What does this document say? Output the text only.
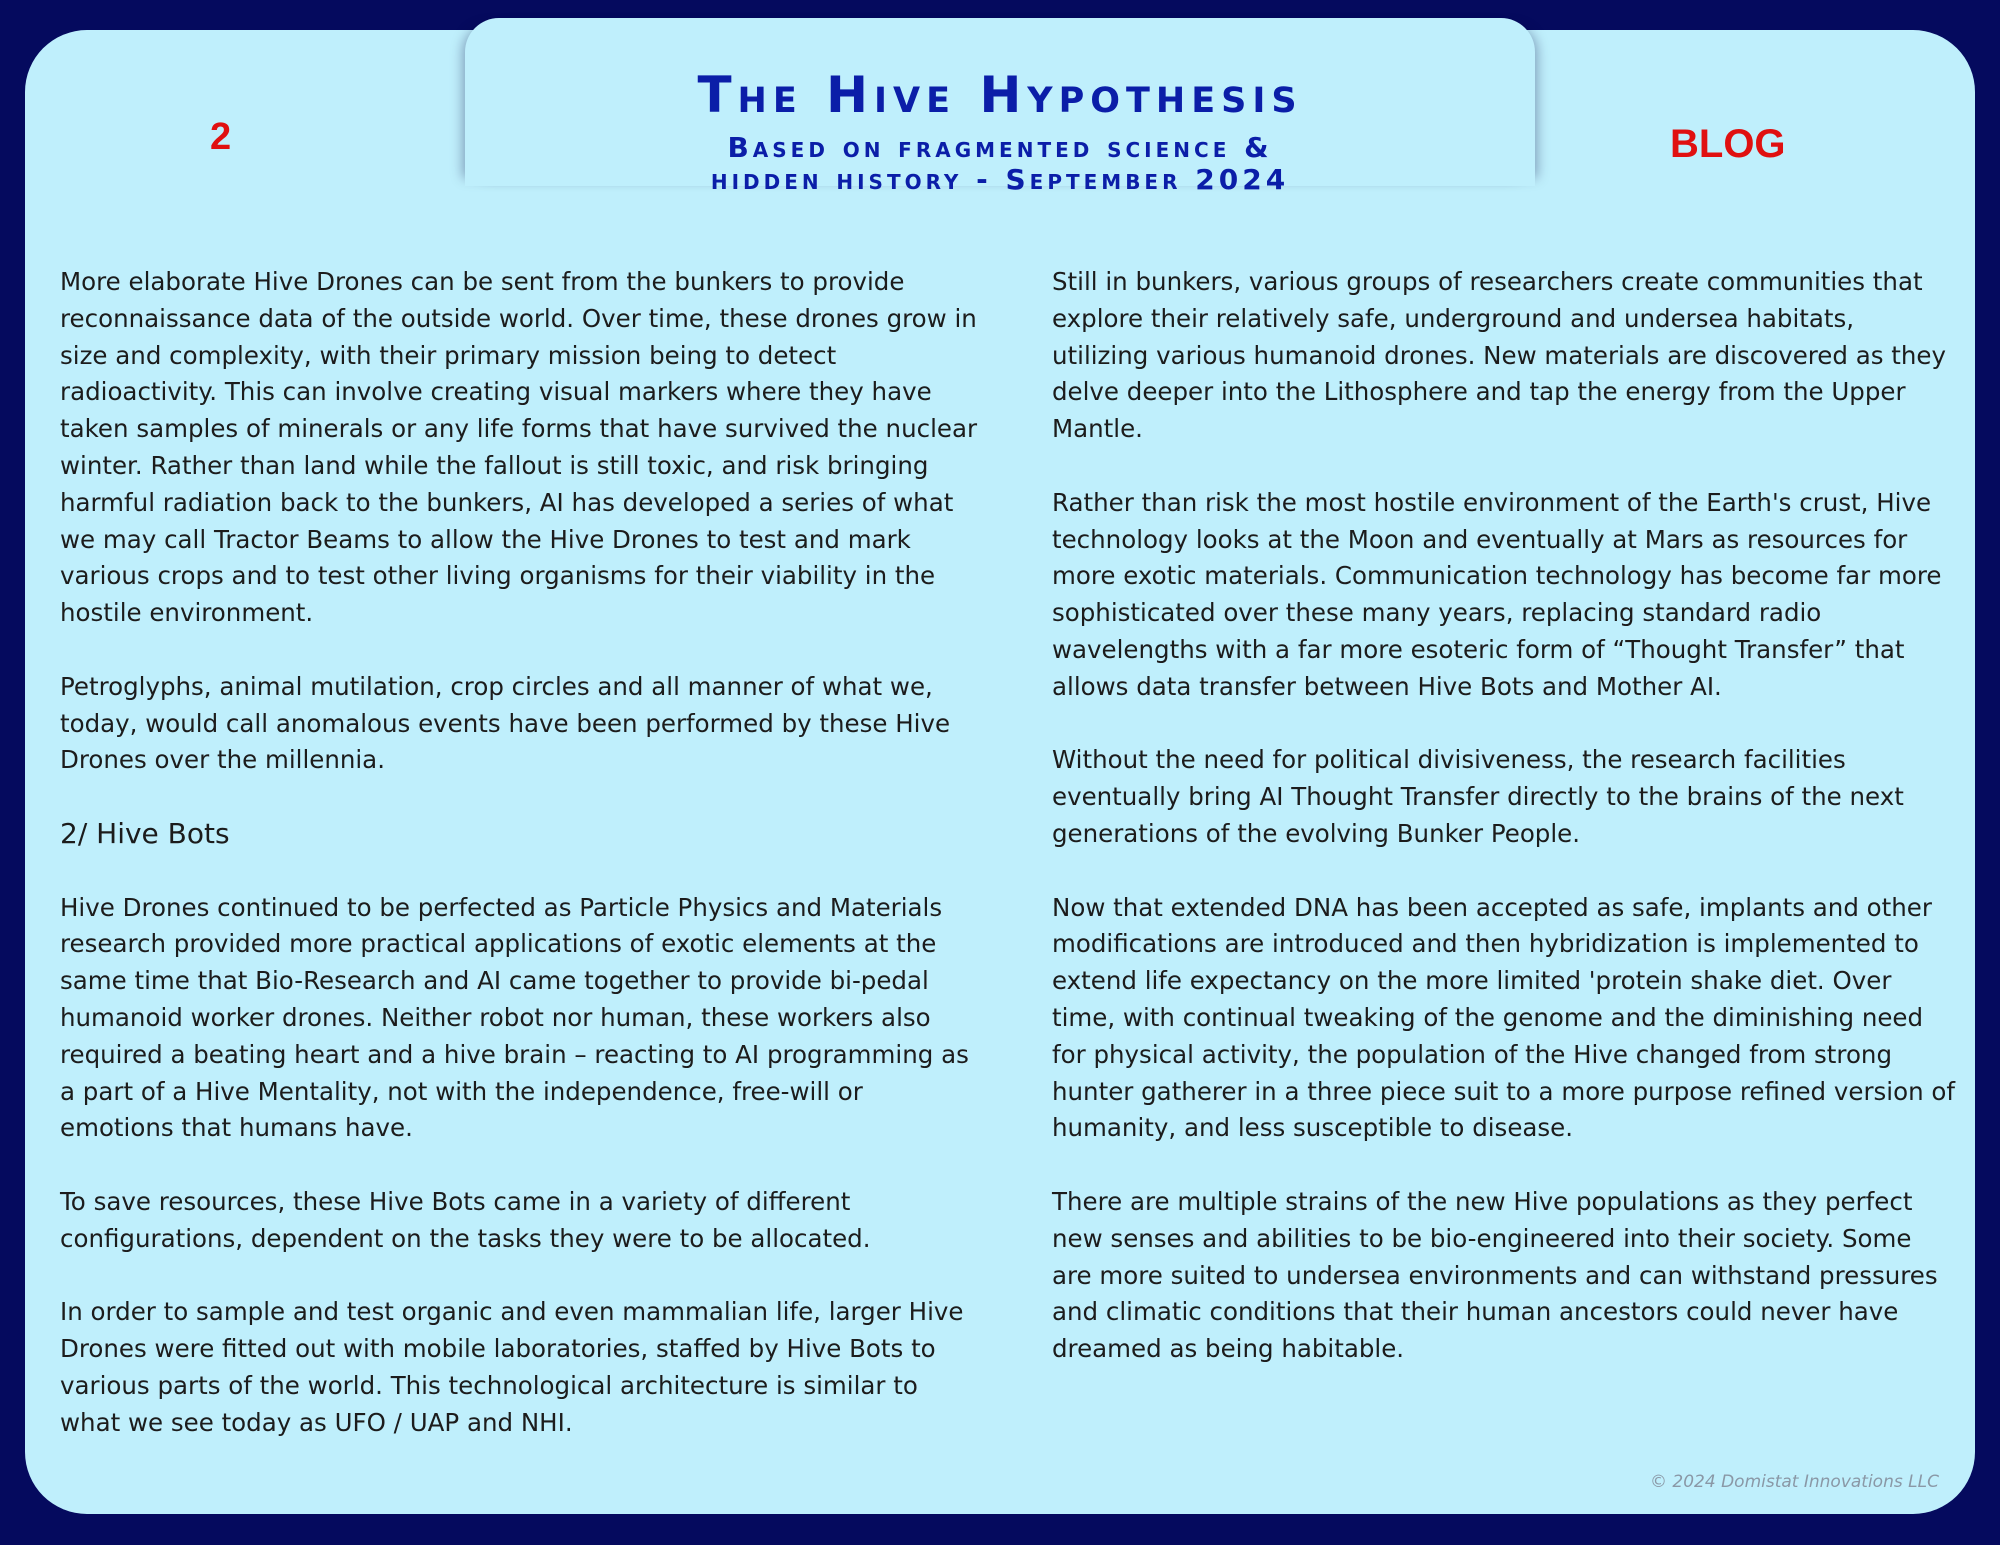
The Hive Hypothesis
Based on fragmented science &
hidden history - September 2024
2	BLOG

More elaborate Hive Drones can be sent from the bunkers to provide reconnaissance data of the outside world. Over time, these drones grow in size and complexity, with their primary mission being to detect radioactivity. This can involve creating visual markers where they have taken samples of minerals or any life forms that have survived the nuclear winter. Rather than land while the fallout is still toxic, and risk bringing harmful radiation back to the bunkers, AI has developed a series of what we may call Tractor Beams to allow the Hive Drones to test and mark various crops and to test other living organisms for their viability in the hostile environment.

Petroglyphs, animal mutilation, crop circles and all manner of what we, today, would call anomalous events have been performed by these Hive Drones over the millennia.

2/ Hive Bots

Hive Drones continued to be perfected as Particle Physics and Materials research provided more practical applications of exotic elements at the same time that Bio-Research and AI came together to provide bi-pedal humanoid worker drones. Neither robot nor human, these workers also required a beating heart and a hive brain – reacting to AI programming as a part of a Hive Mentality, not with the independence, free-will or emotions that humans have.

To save resources, these Hive Bots came in a variety of different configurations, dependent on the tasks they were to be allocated.

In order to sample and test organic and even mammalian life, larger Hive Drones were fitted out with mobile laboratories, staffed by Hive Bots to various parts of the world. This technological architecture is similar to what we see today as UFO / UAP and NHI.

Still in bunkers, various groups of researchers create communities that explore their relatively safe, underground and undersea habitats, utilizing various humanoid drones. New materials are discovered as they delve deeper into the Lithosphere and tap the energy from the Upper Mantle.

Rather than risk the most hostile environment of the Earth's crust, Hive technology looks at the Moon and eventually at Mars as resources for more exotic materials. Communication technology has become far more sophisticated over these many years, replacing standard radio wavelengths with a far more esoteric form of “Thought Transfer” that allows data transfer between Hive Bots and Mother AI.

Without the need for political divisiveness, the research facilities eventually bring AI Thought Transfer directly to the brains of the next generations of the evolving Bunker People.

Now that extended DNA has been accepted as safe, implants and other modifications are introduced and then hybridization is implemented to extend life expectancy on the more limited 'protein shake diet. Over time, with continual tweaking of the genome and the diminishing need for physical activity, the population of the Hive changed from strong hunter gatherer in a three piece suit to a more purpose refined version of humanity, and less susceptible to disease.

There are multiple strains of the new Hive populations as they perfect new senses and abilities to be bio-engineered into their society. Some are more suited to undersea environments and can withstand pressures and climatic conditions that their human ancestors could never have dreamed as being habitable.

© 2024 Domistat Innovations LLC
